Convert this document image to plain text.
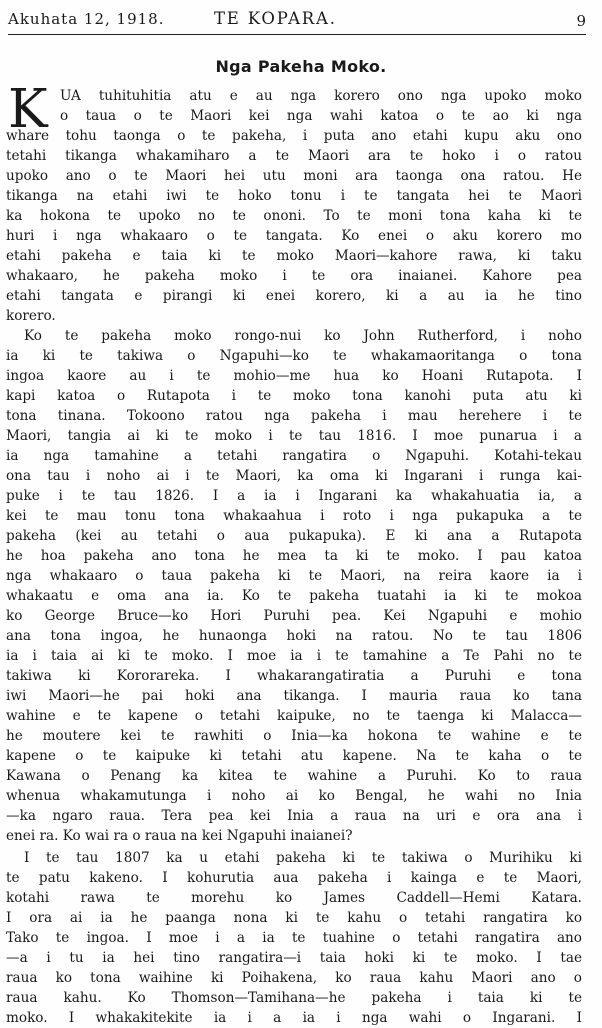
Akuhata 12, 1918.	TE KOPARA.	9
Nga Pakeha Moko.
K UA tuhituhitia atu e au nga korero ono nga upoko moko
o taua o te Maori kei nga wahi katoa o te ao ki nga
whare tohu taonga o te pakeha, i puta ano etahi kupu aku ono
tetahi tikanga whakamiharo a te Maori ara te hoko i o ratou
upoko ano o te Maori hei utu moni ara taonga ona ratou. He
tikanga na etahi iwi te hoko tonu i te tangata hei te Maori
ka hokona te upoko no te ononi. To te moni tona kaha ki te
huri i nga whakaaro o te tangata. Ko enei o aku korero mo
etahi pakeha e taia ki te moko Maori—kahore rawa, ki taku
whakaaro, he pakeha moko i te ora inaianei. Kahore pea
etahi tangata e pirangi ki enei korero, ki a au ia he tino
korero.
Ko te pakeha moko rongo-nui ko John Rutherford, i noho
ia ki te takiwa o Ngapuhi—ko te whakamaoritanga o tona
ingoa kaore au i te mohio—me hua ko Hoani Rutapota. I
kapi katoa o Rutapota i te moko tona kanohi puta atu ki
tona tinana. Tokoono ratou nga pakeha i mau herehere i te
Maori, tangia ai ki te moko i te tau 1816. I moe punarua i a
ia nga tamahine a tetahi rangatira o Ngapuhi. Kotahi-tekau
ona tau i noho ai i te Maori, ka oma ki Ingarani i runga kai-
puke i te tau 1826. I a ia i Ingarani ka whakahuatia ia, a
kei te mau tonu tona whakaahua i roto i nga pukapuka a te
pakeha (kei au tetahi o aua pukapuka). E ki ana a Rutapota
he hoa pakeha ano tona he mea ta ki te moko. I pau katoa
nga whakaaro o taua pakeha ki te Maori, na reira kaore ia i
whakaatu e oma ana ia. Ko te pakeha tuatahi ia ki te mokoa
ko George Bruce—ko Hori Puruhi pea. Kei Ngapuhi e mohio
ana tona ingoa, he hunaonga hoki na ratou. No te tau 1806
ia i taia ai ki te moko. I moe ia i te tamahine a Te Pahi no te
takiwa ki Kororareka. I whakarangatiratia a Puruhi e tona
iwi Maori—he pai hoki ana tikanga. I mauria raua ko tana
wahine e te kapene o tetahi kaipuke, no te taenga ki Malacca—
he moutere kei te rawhiti o Inia—ka hokona te wahine e te
kapene o te kaipuke ki tetahi atu kapene. Na te kaha o te
Kawana o Penang ka kitea te wahine a Puruhi. Ko to raua
whenua whakamutunga i noho ai ko Bengal, he wahi no Inia
—ka ngaro raua. Tera pea kei Inia a raua na uri e ora ana i
enei ra. Ko wai ra o raua na kei Ngapuhi inaianei?
I te tau 1807 ka u etahi pakeha ki te takiwa o Murihiku ki
te patu kakeno. I kohurutia aua pakeha i kainga e te Maori,
kotahi rawa te morehu ko James Caddell—Hemi Katara.
I ora ai ia he paanga nona ki te kahu o tetahi rangatira ko
Tako te ingoa. I moe i a ia te tuahine o tetahi rangatira ano
—a i tu ia hei tino rangatira—i taia hoki ki te moko. I tae
raua ko tona waihine ki Poihakena, ko raua kahu Maori ano o
raua kahu. Ko Thomson—Tamihana—he pakeha i taia ki te
moko. I whakakitekite ia i a ia i nga wahi o Ingarani. I
